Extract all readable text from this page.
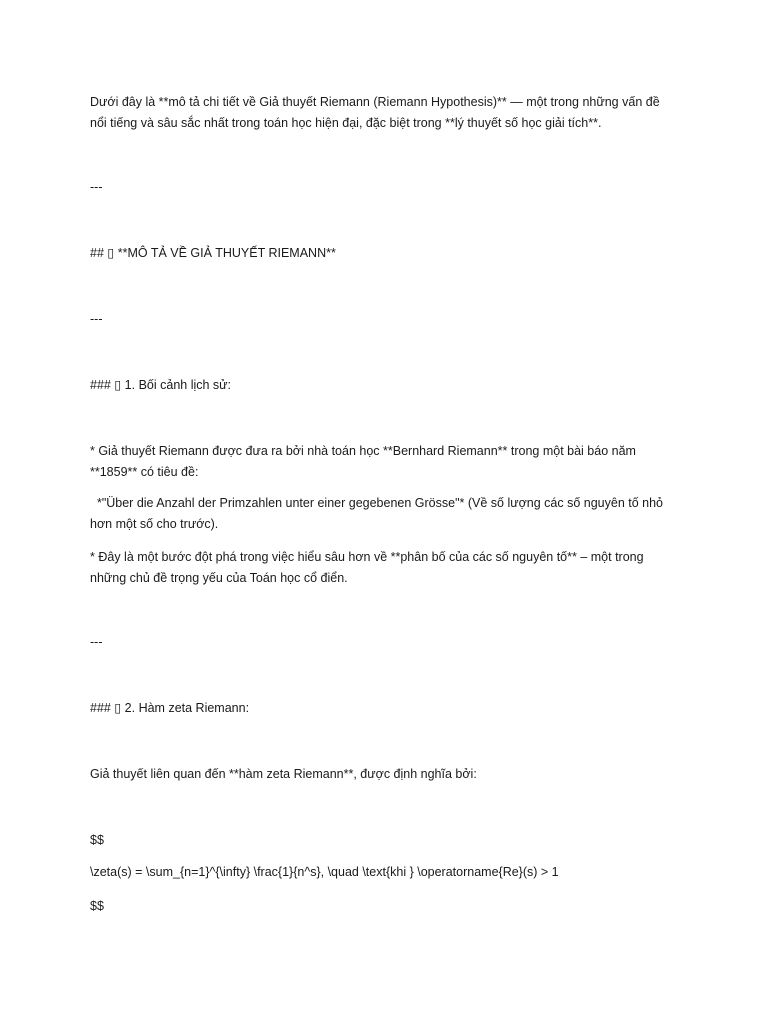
Dưới đây là **mô tả chi tiết về Giả thuyết Riemann (Riemann Hypothesis)** — một trong những vấn đề
nổi tiếng và sâu sắc nhất trong toán học hiện đại, đặc biệt trong **lý thuyết số học giải tích**.
---
## ▯ **MÔ TẢ VỀ GIẢ THUYẾT RIEMANN**
---
### ▯ 1. Bối cảnh lịch sử:
* Giả thuyết Riemann được đưa ra bởi nhà toán học **Bernhard Riemann** trong một bài báo năm
**1859** có tiêu đề:
*"Über die Anzahl der Primzahlen unter einer gegebenen Grösse"* (Về số lượng các số nguyên tố nhỏ
hơn một số cho trước).
* Đây là một bước đột phá trong việc hiểu sâu hơn về **phân bố của các số nguyên tố** – một trong
những chủ đề trọng yếu của Toán học cổ điển.
---
### ▯ 2. Hàm zeta Riemann:
Giả thuyết liên quan đến **hàm zeta Riemann**, được định nghĩa bởi:
$$
\zeta(s) = \sum_{n=1}^{\infty} \frac{1}{n^s}, \quad \text{khi } \operatorname{Re}(s) > 1
$$
